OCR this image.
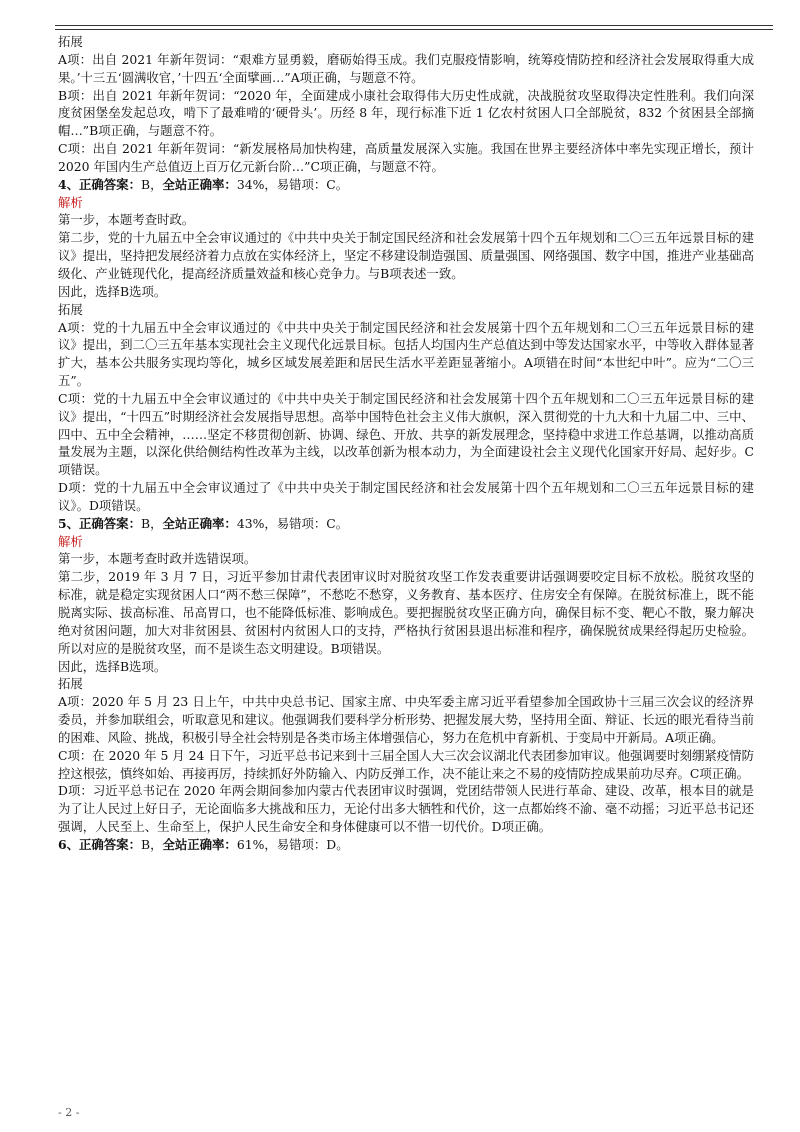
拓展

A项：出自 2021 年新年贺词：“艰难方显勇毅，磨砺始得玉成。我们克服疫情影响，统筹疫情防控和经济社会发展取得重大成果。’十三五‘圆满收官，’十四五‘全面擘画…”A项正确，与题意不符。

B项：出自 2021 年新年贺词：“2020 年，全面建成小康社会取得伟大历史性成就，决战脱贫攻坚取得决定性胜利。我们向深度贫困堡垒发起总攻，啃下了最难啃的‘硬骨头’。历经 8 年，现行标准下近 1 亿农村贫困人口全部脱贫，832 个贫困县全部摘帽…”B项正确，与题意不符。

C项：出自 2021 年新年贺词：“新发展格局加快构建，高质量发展深入实施。我国在世界主要经济体中率先实现正增长，预计 2020 年国内生产总值迈上百万亿元新台阶…”C项正确，与题意不符。

4、正确答案：B，全站正确率：34%，易错项：C。

解析

第一步，本题考查时政。

第二步，党的十九届五中全会审议通过的《中共中央关于制定国民经济和社会发展第十四个五年规划和二〇三五年远景目标的建议》提出，坚持把发展经济着力点放在实体经济上，坚定不移建设制造强国、质量强国、网络强国、数字中国，推进产业基础高级化、产业链现代化，提高经济质量效益和核心竞争力。与B项表述一致。

因此，选择B选项。

拓展

A项：党的十九届五中全会审议通过的《中共中央关于制定国民经济和社会发展第十四个五年规划和二〇三五年远景目标的建议》提出，到二〇三五年基本实现社会主义现代化远景目标。包括人均国内生产总值达到中等发达国家水平，中等收入群体显著扩大，基本公共服务实现均等化，城乡区域发展差距和居民生活水平差距显著缩小。A项错在时间“本世纪中叶”。应为“二〇三五”。

C项：党的十九届五中全会审议通过的《中共中央关于制定国民经济和社会发展第十四个五年规划和二〇三五年远景目标的建议》提出，“十四五”时期经济社会发展指导思想。高举中国特色社会主义伟大旗帜，深入贯彻党的十九大和十九届二中、三中、四中、五中全会精神，……坚定不移贯彻创新、协调、绿色、开放、共享的新发展理念，坚持稳中求进工作总基调，以推动高质量发展为主题，以深化供给侧结构性改革为主线，以改革创新为根本动力，为全面建设社会主义现代化国家开好局、起好步。C项错误。

D项：党的十九届五中全会审议通过了《中共中央关于制定国民经济和社会发展第十四个五年规划和二〇三五年远景目标的建议》。D项错误。

5、正确答案：B，全站正确率：43%，易错项：C。

解析

第一步，本题考查时政并选错误项。

第二步，2019 年 3 月 7 日，习近平参加甘肃代表团审议时对脱贫攻坚工作发表重要讲话强调要咬定目标不放松。脱贫攻坚的标准，就是稳定实现贫困人口“两不愁三保障”，不愁吃不愁穿，义务教育、基本医疗、住房安全有保障。在脱贫标准上，既不能脱离实际、拔高标准、吊高胃口，也不能降低标准、影响成色。要把握脱贫攻坚正确方向，确保目标不变、靶心不散，聚力解决绝对贫困问题，加大对非贫困县、贫困村内贫困人口的支持，严格执行贫困县退出标准和程序，确保脱贫成果经得起历史检验。所以对应的是脱贫攻坚，而不是谈生态文明建设。B项错误。

因此，选择B选项。

拓展

A项：2020 年 5 月 23 日上午，中共中央总书记、国家主席、中央军委主席习近平看望参加全国政协十三届三次会议的经济界委员，并参加联组会，听取意见和建议。他强调我们要科学分析形势、把握发展大势，坚持用全面、辩证、长远的眼光看待当前的困难、风险、挑战，积极引导全社会特别是各类市场主体增强信心，努力在危机中育新机、于变局中开新局。A项正确。

C项：在 2020 年 5 月 24 日下午，习近平总书记来到十三届全国人大三次会议湖北代表团参加审议。他强调要时刻绷紧疫情防控这根弦，慎终如始、再接再厉，持续抓好外防输入、内防反弹工作，决不能让来之不易的疫情防控成果前功尽弃。C项正确。

D项：习近平总书记在 2020 年两会期间参加内蒙古代表团审议时强调，党团结带领人民进行革命、建设、改革，根本目的就是为了让人民过上好日子，无论面临多大挑战和压力，无论付出多大牺牲和代价，这一点都始终不渝、毫不动摇；习近平总书记还强调，人民至上、生命至上，保护人民生命安全和身体健康可以不惜一切代价。D项正确。

6、正确答案：B，全站正确率：61%，易错项：D。

- 2 -
